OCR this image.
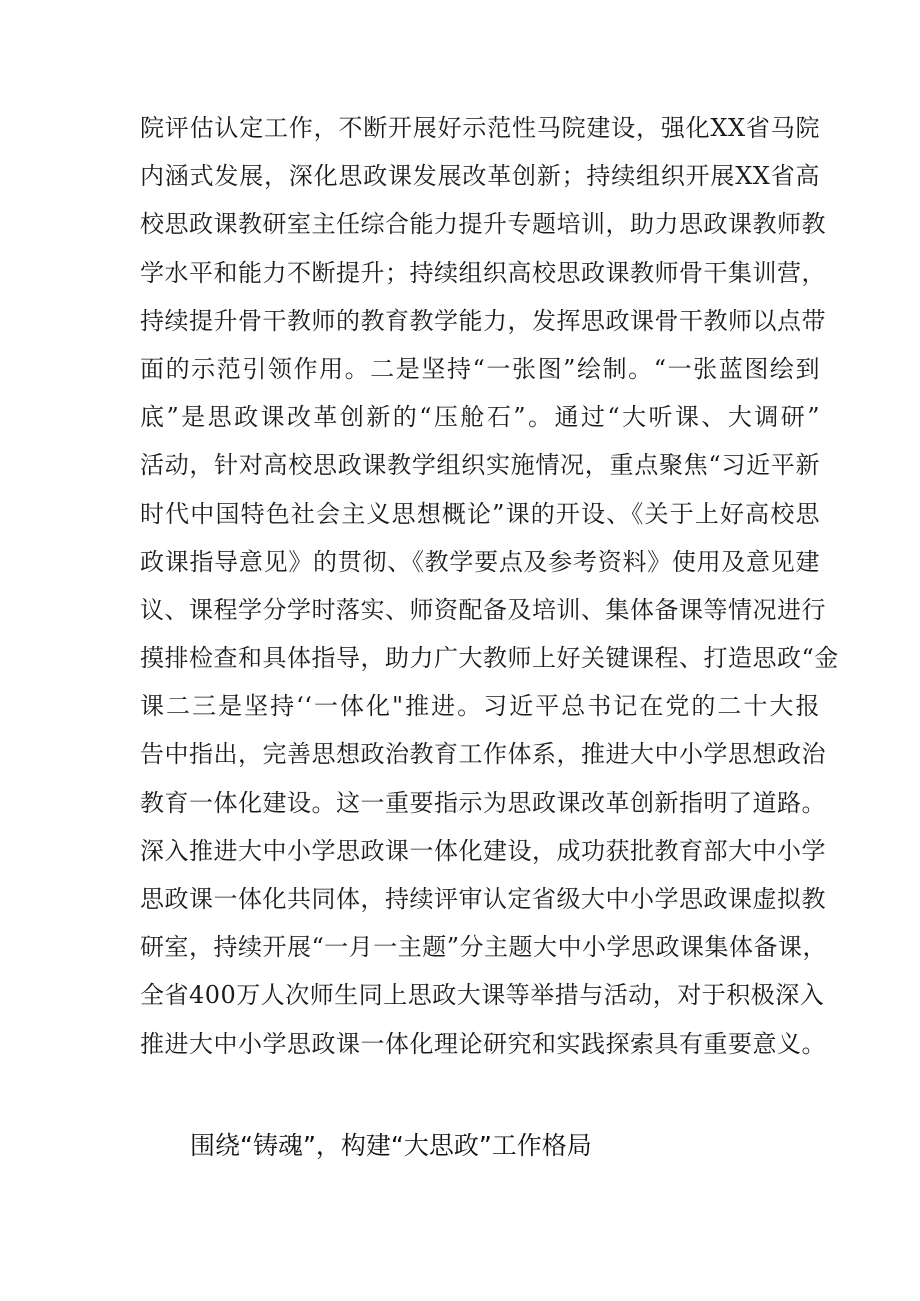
院评估认定工作，不断开展好示范性马院建设，强化XX省马院
内涵式发展，深化思政课发展改革创新；持续组织开展XX省高
校思政课教研室主任综合能力提升专题培训，助力思政课教师教
学水平和能力不断提升；持续组织高校思政课教师骨干集训营，
持续提升骨干教师的教育教学能力，发挥思政课骨干教师以点带
面的示范引领作用。二是坚持“一张图”绘制。“一张蓝图绘到
底”是思政课改革创新的“压舱石”。通过“大听课、大调研”
活动，针对高校思政课教学组织实施情况，重点聚焦“习近平新
时代中国特色社会主义思想概论”课的开设、《关于上好高校思
政课指导意见》的贯彻、《教学要点及参考资料》使用及意见建
议、课程学分学时落实、师资配备及培训、集体备课等情况进行
摸排检查和具体指导，助力广大教师上好关键课程、打造思政“金
课二三是坚持‘‘一体化"推进。习近平总书记在党的二十大报
告中指出，完善思想政治教育工作体系，推进大中小学思想政治
教育一体化建设。这一重要指示为思政课改革创新指明了道路。
深入推进大中小学思政课一体化建设，成功获批教育部大中小学
思政课一体化共同体，持续评审认定省级大中小学思政课虚拟教
研室，持续开展“一月一主题”分主题大中小学思政课集体备课，
全省400万人次师生同上思政大课等举措与活动，对于积极深入
推进大中小学思政课一体化理论研究和实践探索具有重要意义。
围绕“铸魂”，构建“大思政”工作格局
